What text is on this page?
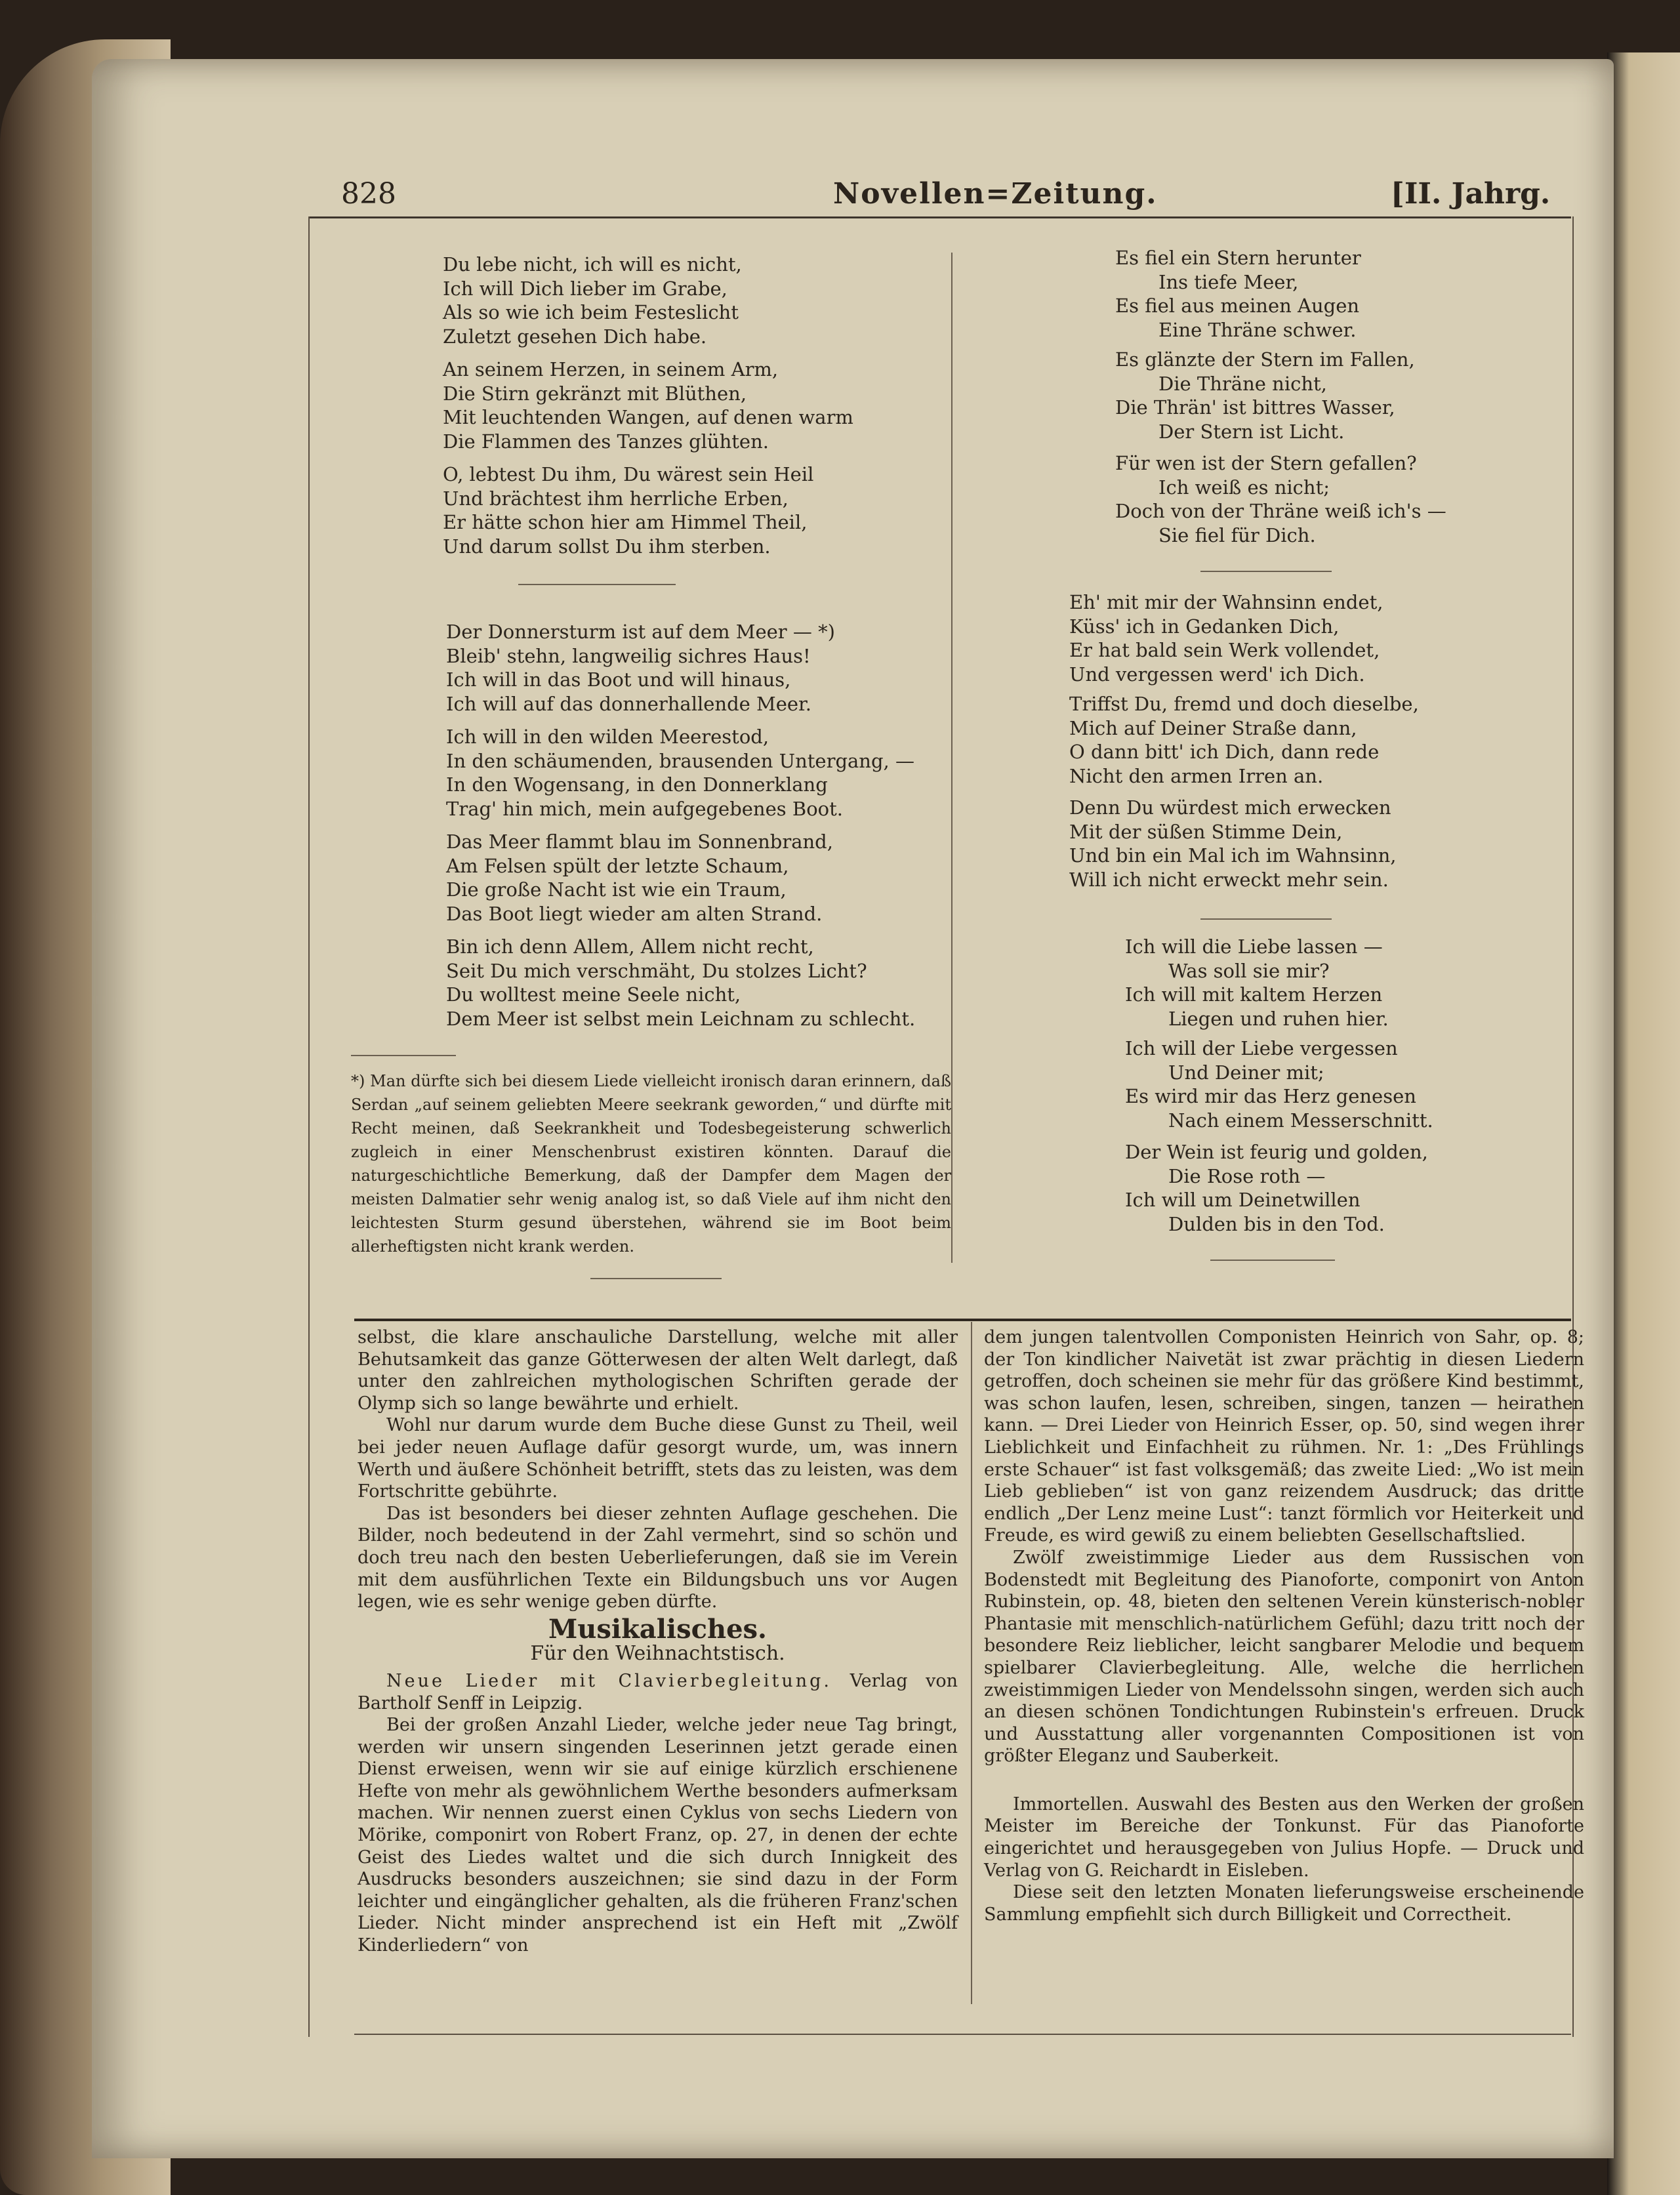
828	Novellen=Zeitung.	[II. Jahrg.
Du lebe nicht, ich will es nicht,
Ich will Dich lieber im Grabe,
Als so wie ich beim Festeslicht
Zuletzt gesehen Dich habe.
An seinem Herzen, in seinem Arm,
Die Stirn gekränzt mit Blüthen,
Mit leuchtenden Wangen, auf denen warm
Die Flammen des Tanzes glühten.
O, lebtest Du ihm, Du wärest sein Heil
Und brächtest ihm herrliche Erben,
Er hätte schon hier am Himmel Theil,
Und darum sollst Du ihm sterben.
Der Donnersturm ist auf dem Meer — *)
Bleib' stehn, langweilig sichres Haus!
Ich will in das Boot und will hinaus,
Ich will auf das donnerhallende Meer.
Ich will in den wilden Meerestod,
In den schäumenden, brausenden Untergang, —
In den Wogensang, in den Donnerklang
Trag' hin mich, mein aufgegebenes Boot.
Das Meer flammt blau im Sonnenbrand,
Am Felsen spült der letzte Schaum,
Die große Nacht ist wie ein Traum,
Das Boot liegt wieder am alten Strand.
Bin ich denn Allem, Allem nicht recht,
Seit Du mich verschmäht, Du stolzes Licht?
Du wolltest meine Seele nicht,
Dem Meer ist selbst mein Leichnam zu schlecht.

*) Man dürfte sich bei diesem Liede vielleicht ironisch daran erinnern, daß Serdan „auf seinem geliebten Meere seekrank geworden,“ und dürfte mit Recht meinen, daß Seekrankheit und Todesbegeisterung schwerlich zugleich in einer Menschenbrust existiren könnten. Darauf die naturgeschichtliche Bemerkung, daß der Dampfer dem Magen der meisten Dalmatier sehr wenig analog ist, so daß Viele auf ihm nicht den leichtesten Sturm gesund überstehen, während sie im Boot beim allerheftigsten nicht krank werden.

Es fiel ein Stern herunter
Ins tiefe Meer,
Es fiel aus meinen Augen
Eine Thräne schwer.
Es glänzte der Stern im Fallen,
Die Thräne nicht,
Die Thrän' ist bittres Wasser,
Der Stern ist Licht.
Für wen ist der Stern gefallen?
Ich weiß es nicht;
Doch von der Thräne weiß ich's —
Sie fiel für Dich.
Eh' mit mir der Wahnsinn endet,
Küss' ich in Gedanken Dich,
Er hat bald sein Werk vollendet,
Und vergessen werd' ich Dich.
Triffst Du, fremd und doch dieselbe,
Mich auf Deiner Straße dann,
O dann bitt' ich Dich, dann rede
Nicht den armen Irren an.
Denn Du würdest mich erwecken
Mit der süßen Stimme Dein,
Und bin ein Mal ich im Wahnsinn,
Will ich nicht erweckt mehr sein.
Ich will die Liebe lassen —
Was soll sie mir?
Ich will mit kaltem Herzen
Liegen und ruhen hier.
Ich will der Liebe vergessen
Und Deiner mit;
Es wird mir das Herz genesen
Nach einem Messerschnitt.
Der Wein ist feurig und golden,
Die Rose roth —
Ich will um Deinetwillen
Dulden bis in den Tod.

selbst, die klare anschauliche Darstellung, welche mit aller Behutsamkeit das ganze Götterwesen der alten Welt darlegt, daß unter den zahlreichen mythologischen Schriften gerade der Olymp sich so lange bewährte und erhielt.

Wohl nur darum wurde dem Buche diese Gunst zu Theil, weil bei jeder neuen Auflage dafür gesorgt wurde, um, was innern Werth und äußere Schönheit betrifft, stets das zu leisten, was dem Fortschritte gebührte.

Das ist besonders bei dieser zehnten Auflage geschehen. Die Bilder, noch bedeutend in der Zahl vermehrt, sind so schön und doch treu nach den besten Ueberlieferungen, daß sie im Verein mit dem ausführlichen Texte ein Bildungsbuch uns vor Augen legen, wie es sehr wenige geben dürfte.

Musikalisches.
Für den Weihnachtstisch.

Neue Lieder mit Clavierbegleitung. Verlag von Bartholf Senff in Leipzig.

Bei der großen Anzahl Lieder, welche jeder neue Tag bringt, werden wir unsern singenden Leserinnen jetzt gerade einen Dienst erweisen, wenn wir sie auf einige kürzlich erschienene Hefte von mehr als gewöhnlichem Werthe besonders aufmerksam machen. Wir nennen zuerst einen Cyklus von sechs Liedern von Mörike, componirt von Robert Franz, op. 27, in denen der echte Geist des Liedes waltet und die sich durch Innigkeit des Ausdrucks besonders auszeichnen; sie sind dazu in der Form leichter und eingänglicher gehalten, als die früheren Franz'schen Lieder. Nicht minder ansprechend ist ein Heft mit „Zwölf Kinderliedern“ von

dem jungen talentvollen Componisten Heinrich von Sahr, op. 8; der Ton kindlicher Naivetät ist zwar prächtig in diesen Liedern getroffen, doch scheinen sie mehr für das größere Kind bestimmt, was schon laufen, lesen, schreiben, singen, tanzen — heirathen kann. — Drei Lieder von Heinrich Esser, op. 50, sind wegen ihrer Lieblichkeit und Einfachheit zu rühmen. Nr. 1: „Des Frühlings erste Schauer“ ist fast volksgemäß; das zweite Lied: „Wo ist mein Lieb geblieben“ ist von ganz reizendem Ausdruck; das dritte endlich „Der Lenz meine Lust“: tanzt förmlich vor Heiterkeit und Freude, es wird gewiß zu einem beliebten Gesellschaftslied.

Zwölf zweistimmige Lieder aus dem Russischen von Bodenstedt mit Begleitung des Pianoforte, componirt von Anton Rubinstein, op. 48, bieten den seltenen Verein künsterisch-nobler Phantasie mit menschlich-natürlichem Gefühl; dazu tritt noch der besondere Reiz lieblicher, leicht sangbarer Melodie und bequem spielbarer Clavierbegleitung. Alle, welche die herrlichen zweistimmigen Lieder von Mendelssohn singen, werden sich auch an diesen schönen Tondichtungen Rubinstein's erfreuen. Druck und Ausstattung aller vorgenannten Compositionen ist von größter Eleganz und Sauberkeit.

Immortellen. Auswahl des Besten aus den Werken der großen Meister im Bereiche der Tonkunst. Für das Pianoforte eingerichtet und herausgegeben von Julius Hopfe. — Druck und Verlag von G. Reichardt in Eisleben.

Diese seit den letzten Monaten lieferungsweise erscheinende Sammlung empfiehlt sich durch Billigkeit und Correctheit.
